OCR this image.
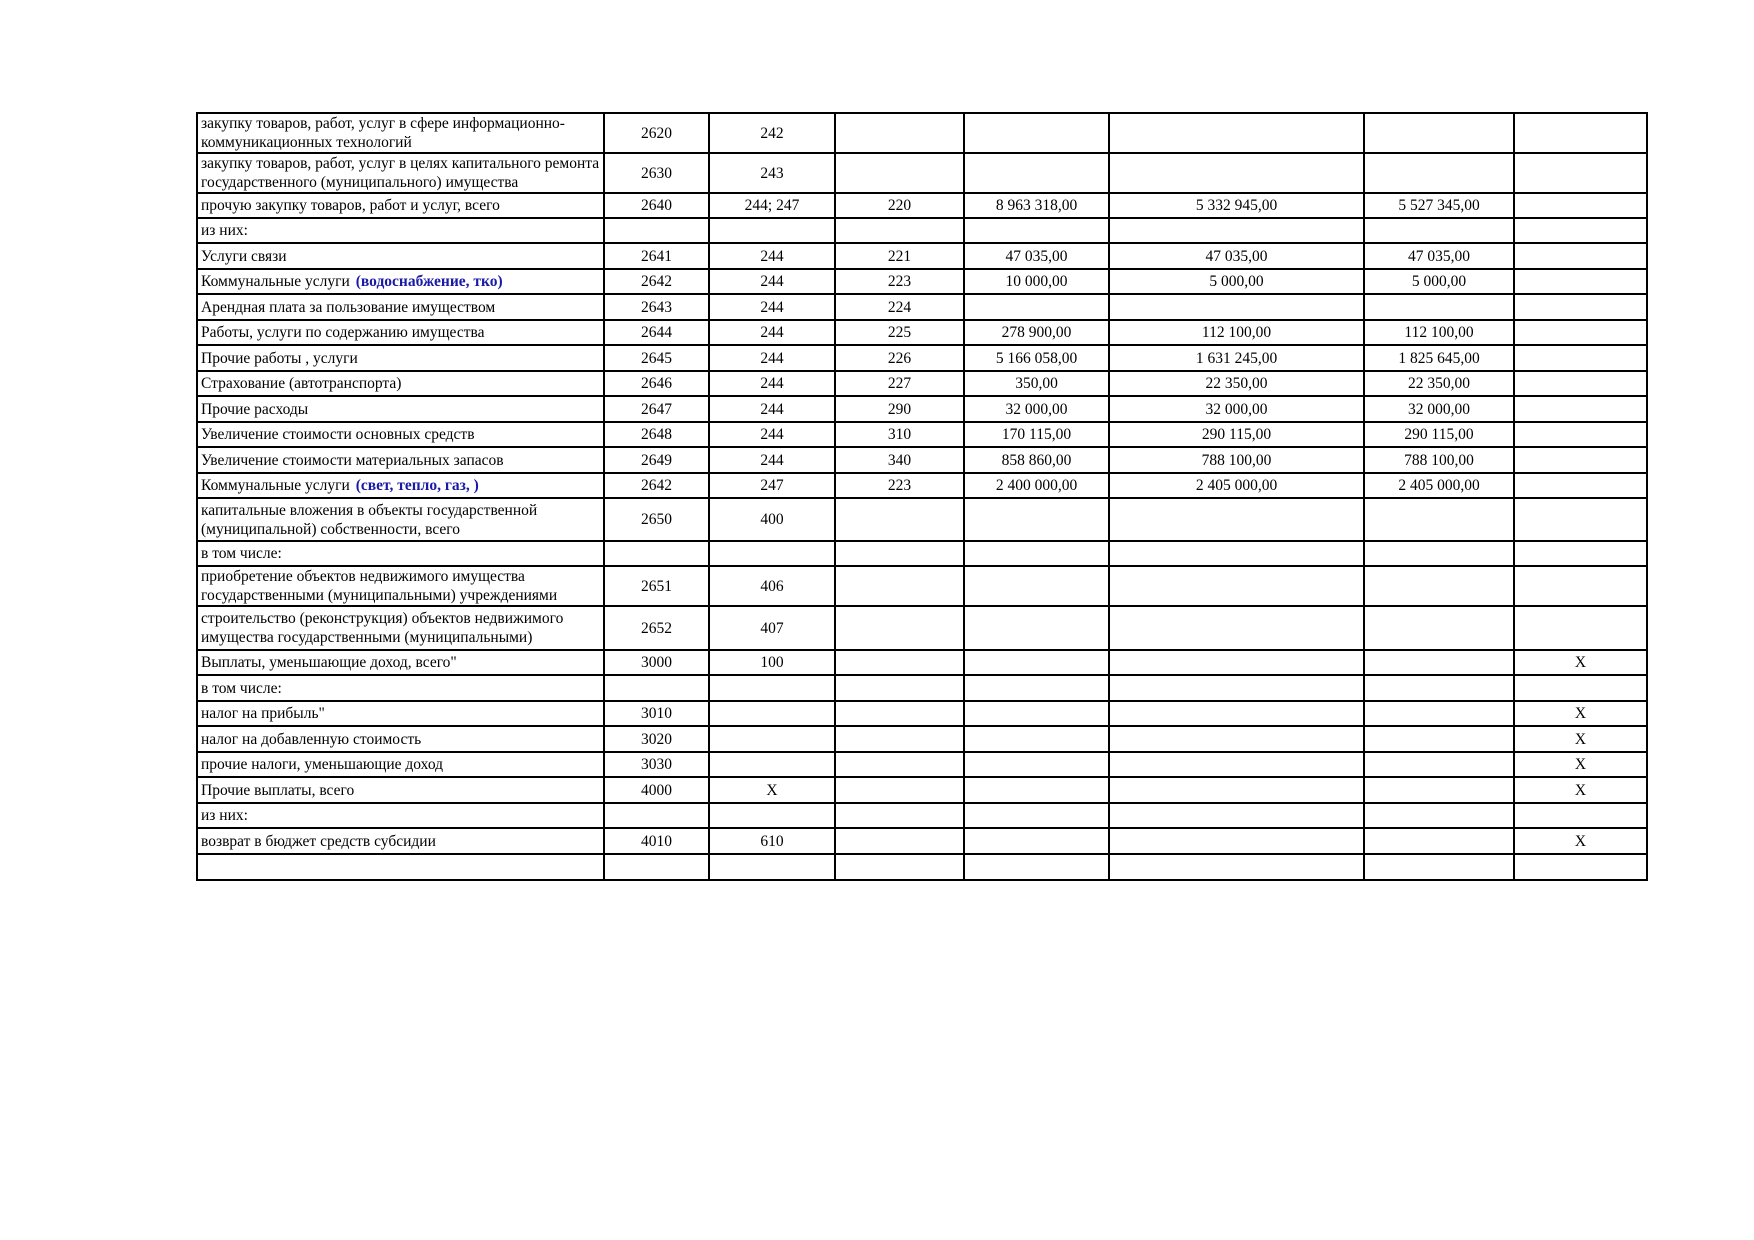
закупку товаров, работ, услуг в сфере информационно-коммуникационных технологий	2620	242					
закупку товаров, работ, услуг в целях капитального ремонта государственного (муниципального) имущества	2630	243					
прочую закупку товаров, работ и услуг, всего	2640	244; 247	220	8 963 318,00	5 332 945,00	5 527 345,00	
из них:							
Услуги связи	2641	244	221	47 035,00	47 035,00	47 035,00	
Коммунальные услуги (водоснабжение, тко)	2642	244	223	10 000,00	5 000,00	5 000,00	
Арендная плата за пользование имуществом	2643	244	224				
Работы, услуги по содержанию имущества	2644	244	225	278 900,00	112 100,00	112 100,00	
Прочие работы , услуги	2645	244	226	5 166 058,00	1 631 245,00	1 825 645,00	
Страхование (автотранспорта)	2646	244	227	350,00	22 350,00	22 350,00	
Прочие расходы	2647	244	290	32 000,00	32 000,00	32 000,00	
Увеличение стоимости основных средств	2648	244	310	170 115,00	290 115,00	290 115,00	
Увеличение стоимости материальных запасов	2649	244	340	858 860,00	788 100,00	788 100,00	
Коммунальные услуги (свет, тепло, газ, )	2642	247	223	2 400 000,00	2 405 000,00	2 405 000,00	
капитальные вложения в объекты государственной (муниципальной) собственности, всего	2650	400					
в том числе:							
приобретение объектов недвижимого имущества государственными (муниципальными) учреждениями	2651	406					
строительство (реконструкция) объектов недвижимого имущества государственными (муниципальными)	2652	407					
Выплаты, уменьшающие доход, всего"	3000	100					X
в том числе:							
налог на прибыль"	3010						X
налог на добавленную стоимость	3020						X
прочие налоги, уменьшающие доход	3030						X
Прочие выплаты, всего	4000	X					X
из них:							
возврат в бюджет средств субсидии	4010	610					X
